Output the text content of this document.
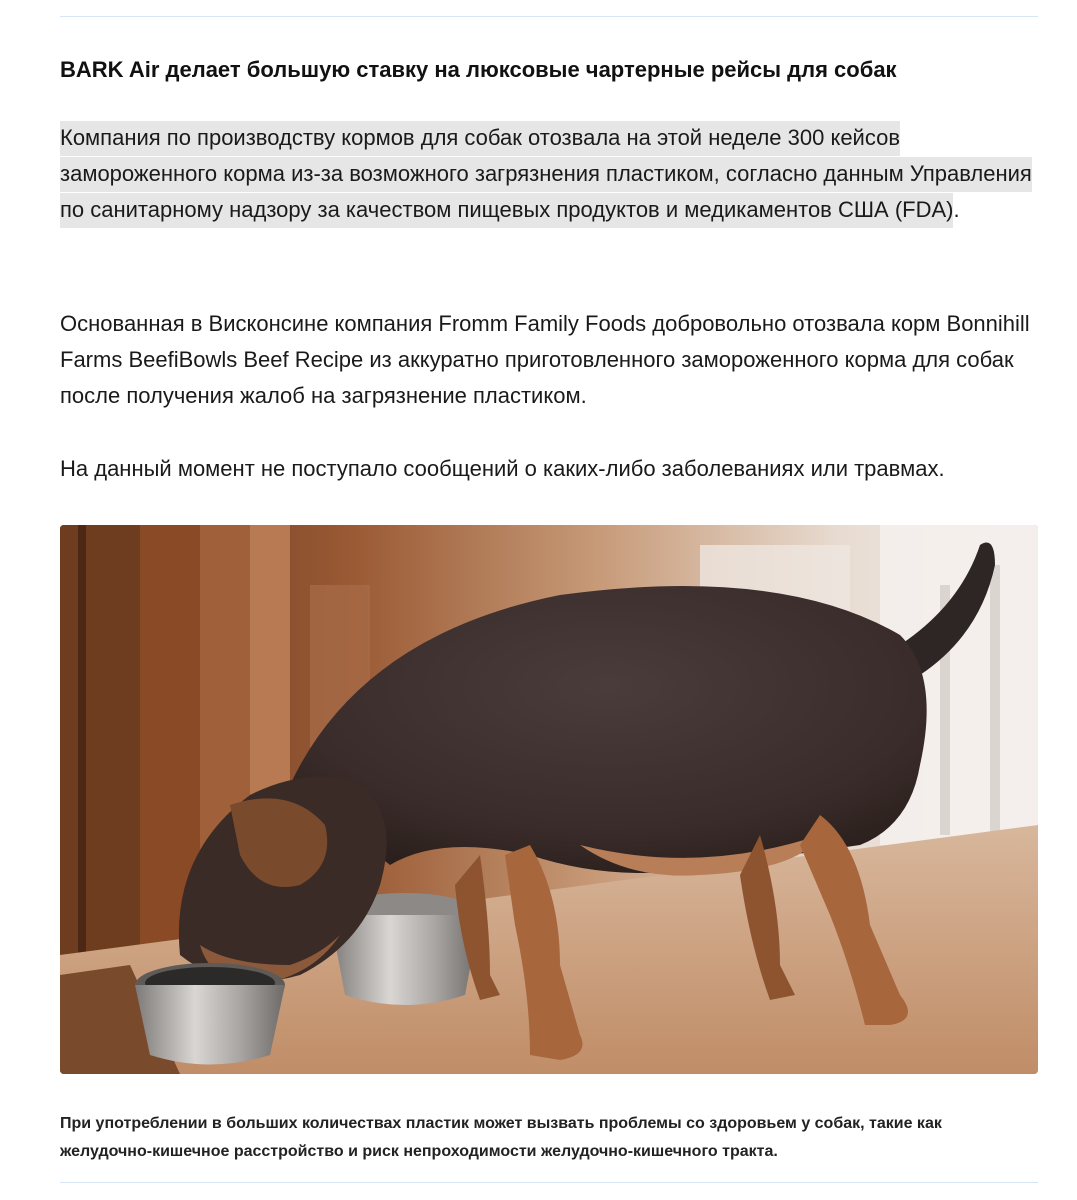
BARK Air делает большую ставку на люксовые чартерные рейсы для собак

Компания по производству кормов для собак отозвала на этой неделе 300 кейсов замороженного корма из-за возможного загрязнения пластиком, согласно данным Управления по санитарному надзору за качеством пищевых продуктов и медикаментов США (FDA).

Основанная в Висконсине компания Fromm Family Foods добровольно отозвала корм Bonnihill Farms BeefiBowls Beef Recipe из аккуратно приготовленного замороженного корма для собак после получения жалоб на загрязнение пластиком.

На данный момент не поступало сообщений о каких-либо заболеваниях или травмах.

При употреблении в больших количествах пластик может вызвать проблемы со здоровьем у собак, такие как желудочно-кишечное расстройство и риск непроходимости желудочно-кишечного тракта.
